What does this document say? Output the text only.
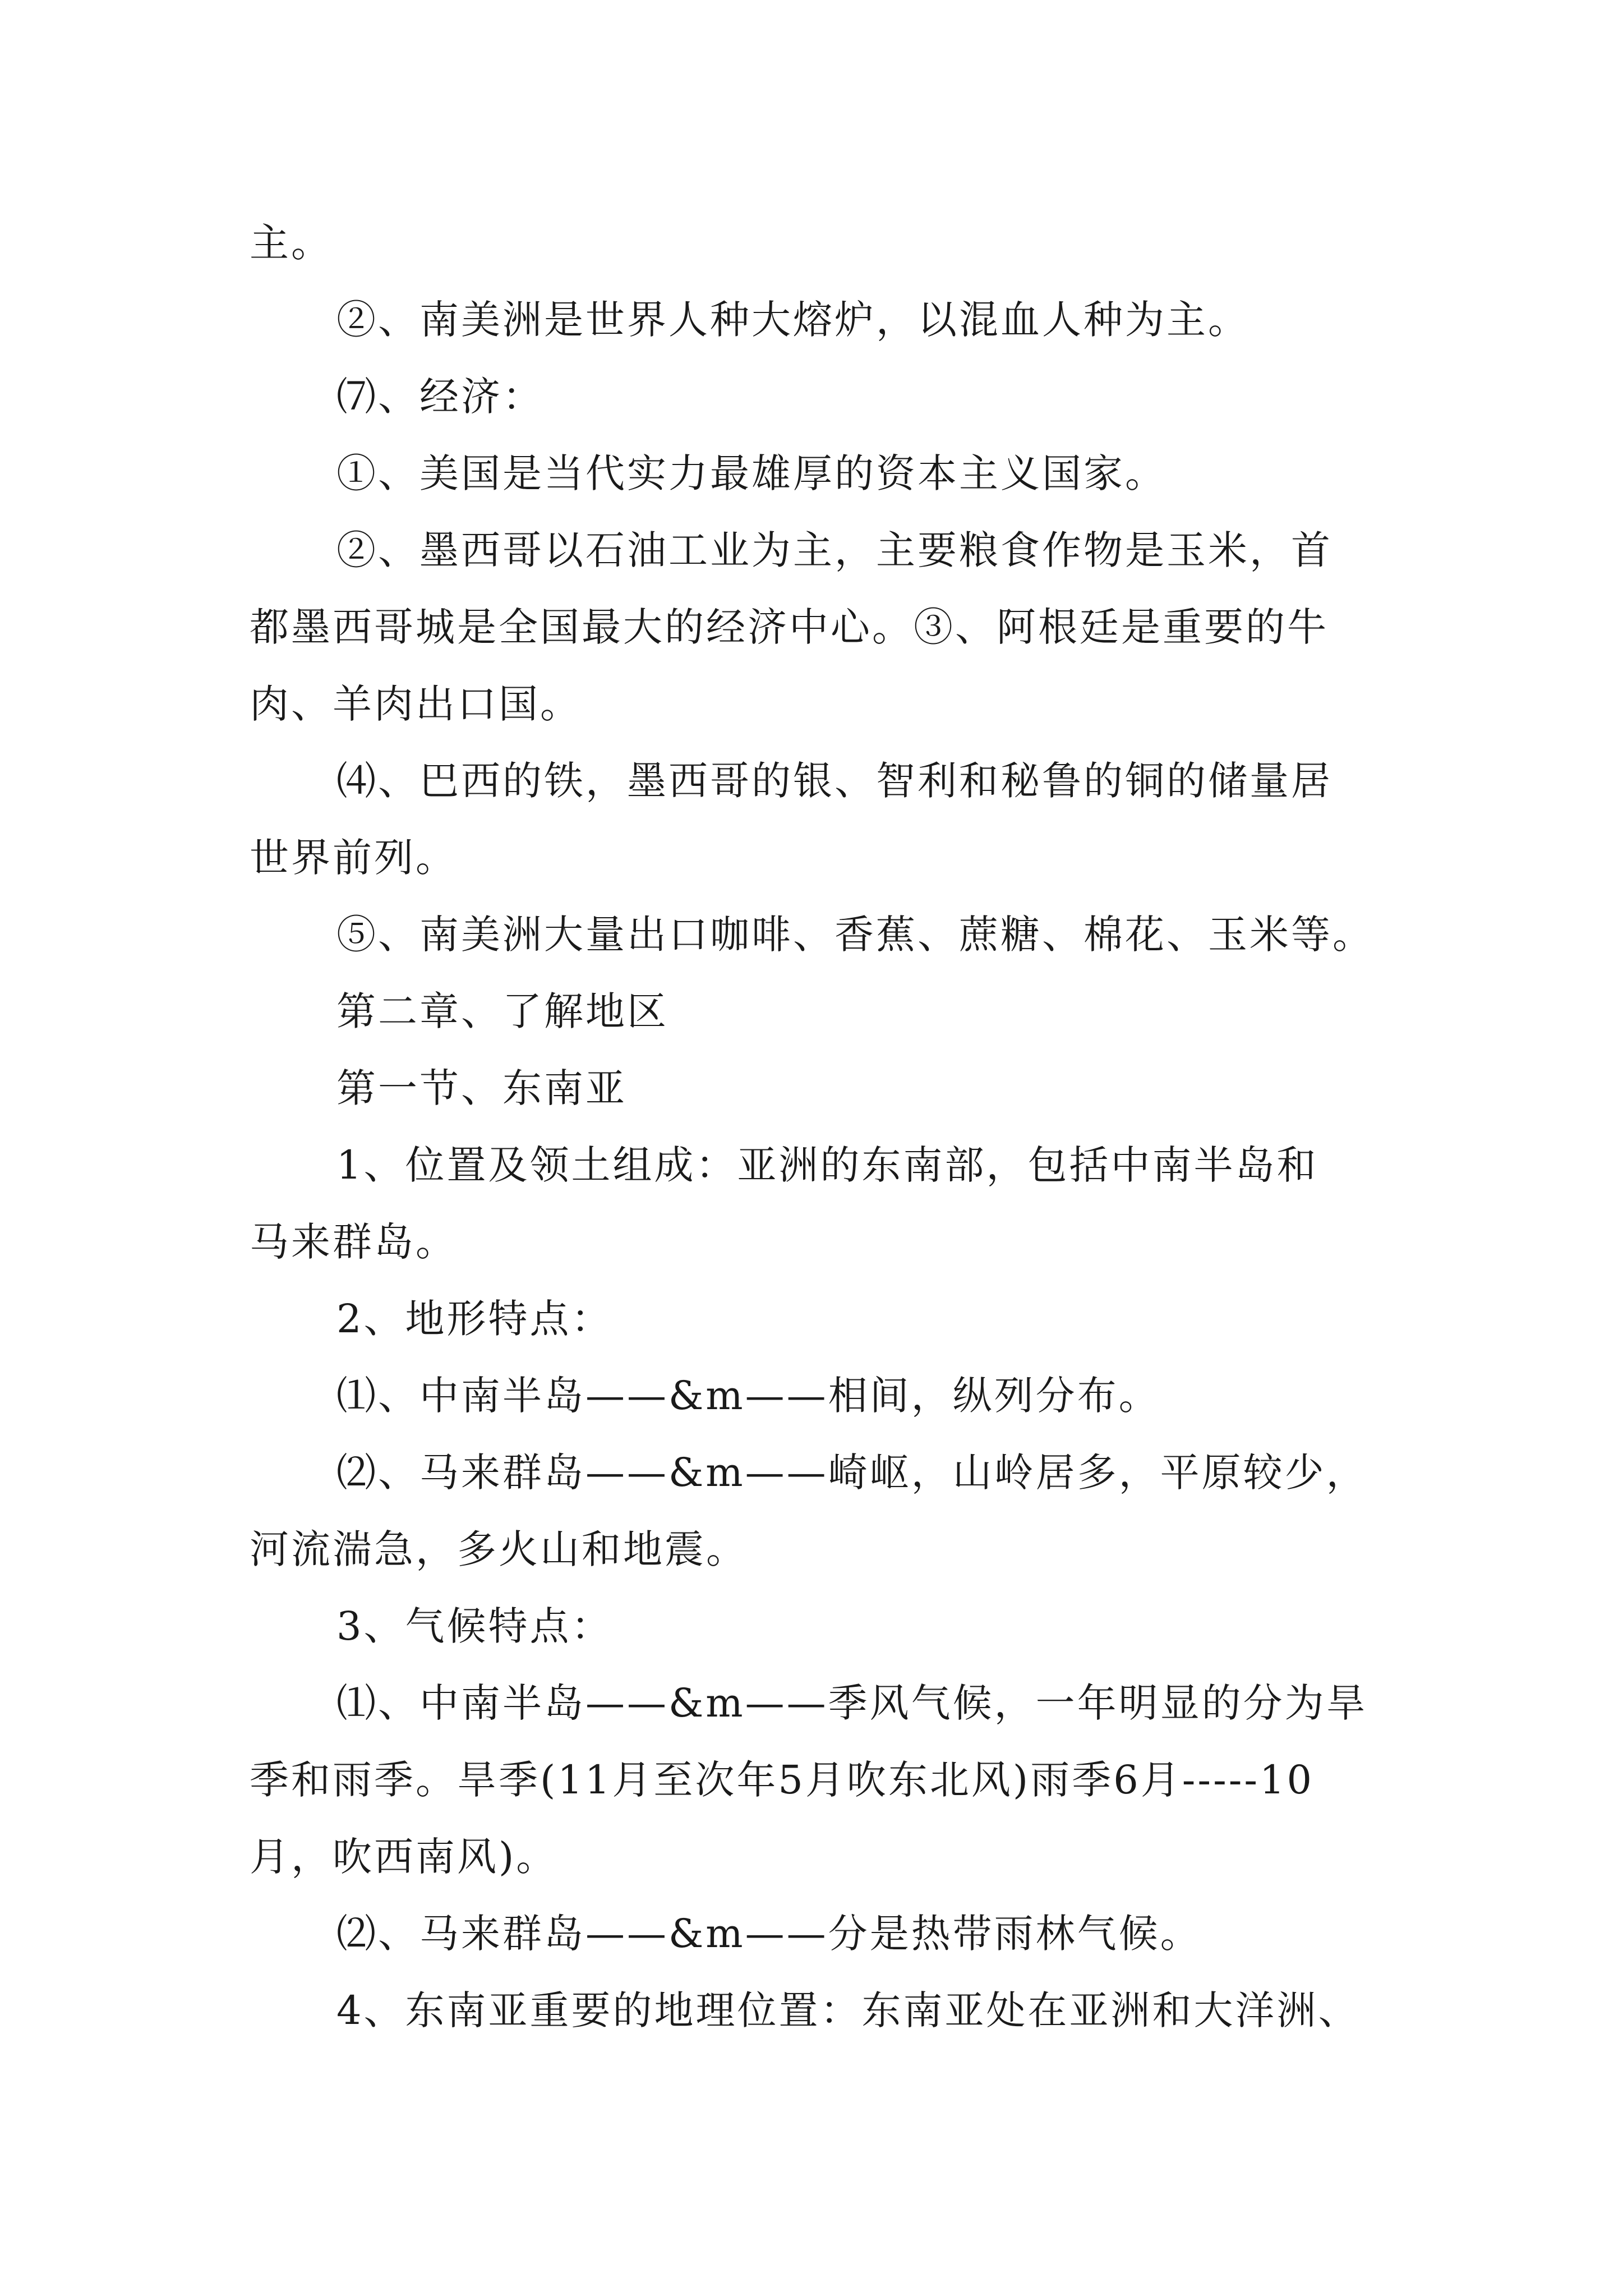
主。
②、南美洲是世界人种大熔炉，以混血人种为主。
⑺、经济：
①、美国是当代实力最雄厚的资本主义国家。
②、墨西哥以石油工业为主，主要粮食作物是玉米，首
都墨西哥城是全国最大的经济中心。③、阿根廷是重要的牛
肉、羊肉出口国。
⑷、巴西的铁，墨西哥的银、智利和秘鲁的铜的储量居
世界前列。
⑤、南美洲大量出口咖啡、香蕉、蔗糖、棉花、玉米等。
第二章、了解地区
第一节、东南亚
1、位置及领土组成：亚洲的东南部，包括中南半岛和
马来群岛。
2、地形特点：
⑴、中南半岛——&m——相间，纵列分布。
⑵、马来群岛——&m——崎岖，山岭居多，平原较少，
河流湍急，多火山和地震。
3、气候特点：
⑴、中南半岛——&m——季风气候，一年明显的分为旱
季和雨季。旱季(11月至次年5月吹东北风)雨季6月-----10
月，吹西南风)。
⑵、马来群岛——&m——分是热带雨林气候。
4、东南亚重要的地理位置：东南亚处在亚洲和大洋洲、
